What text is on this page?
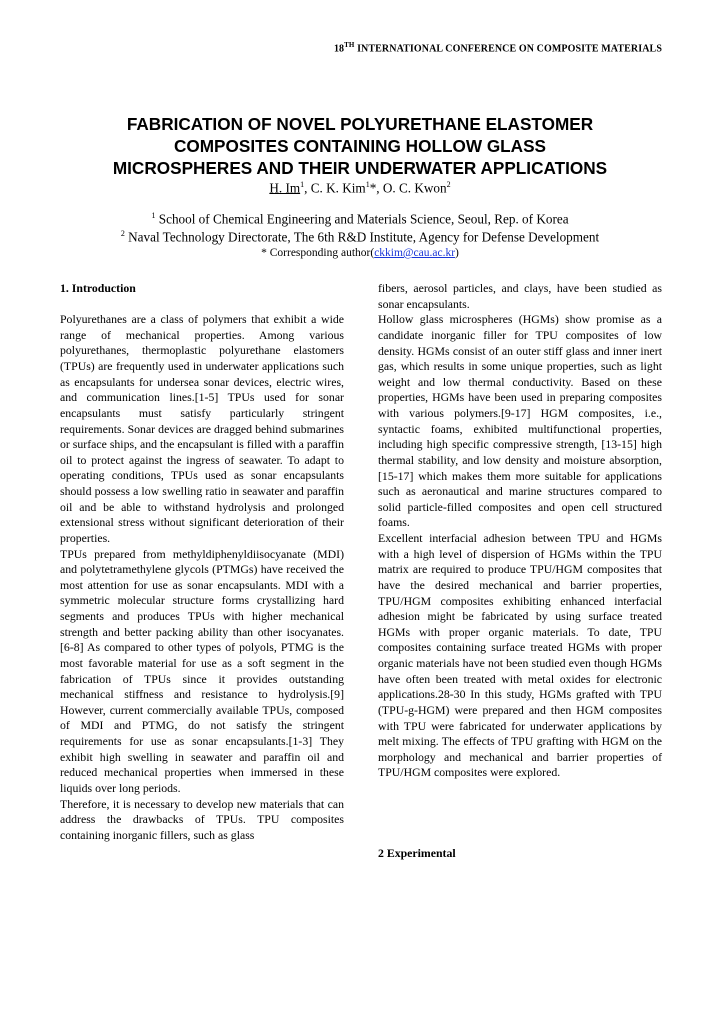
18TH INTERNATIONAL CONFERENCE ON COMPOSITE MATERIALS
FABRICATION OF NOVEL POLYURETHANE ELASTOMER
COMPOSITES CONTAINING HOLLOW GLASS
MICROSPHERES AND THEIR UNDERWATER APPLICATIONS
H. Im$^1$, C. K. Kim$^1$*, O. C. Kwon$^2$
$^1$ School of Chemical Engineering and Materials Science, Seoul, Rep. of Korea
$^2$ Naval Technology Directorate, The 6th R&D Institute, Agency for Defense Development
* Corresponding author(ckkim@cau.ac.kr)
1. Introduction

Polyurethanes are a class of polymers that exhibit a wide range of mechanical properties. Among various polyurethanes, thermoplastic polyurethane elastomers (TPUs) are frequently used in underwater applications such as encapsulants for undersea sonar devices, electric wires, and communication lines.[1-5] TPUs used for sonar encapsulants must satisfy particularly stringent requirements. Sonar devices are dragged behind submarines or surface ships, and the encapsulant is filled with a paraffin oil to protect against the ingress of seawater. To adapt to operating conditions, TPUs used as sonar encapsulants should possess a low swelling ratio in seawater and paraffin oil and be able to withstand hydrolysis and prolonged extensional stress without significant deterioration of their properties.

TPUs prepared from methyldiphenyldiisocyanate (MDI) and polytetramethylene glycols (PTMGs) have received the most attention for use as sonar encapsulants. MDI with a symmetric molecular structure forms crystallizing hard segments and produces TPUs with higher mechanical strength and better packing ability than other isocyanates.[6-8] As compared to other types of polyols, PTMG is the most favorable material for use as a soft segment in the fabrication of TPUs since it provides outstanding mechanical stiffness and resistance to hydrolysis.[9] However, current commercially available TPUs, composed of MDI and PTMG, do not satisfy the stringent requirements for use as sonar encapsulants.[1-3] They exhibit high swelling in seawater and paraffin oil and reduced mechanical properties when immersed in these liquids over long periods.

Therefore, it is necessary to develop new materials that can address the drawbacks of TPUs. TPU composites containing inorganic fillers, such as glass

fibers, aerosol particles, and clays, have been studied as sonar encapsulants.

Hollow glass microspheres (HGMs) show promise as a candidate inorganic filler for TPU composites of low density. HGMs consist of an outer stiff glass and inner inert gas, which results in some unique properties, such as light weight and low thermal conductivity. Based on these properties, HGMs have been used in preparing composites with various polymers.[9-17] HGM composites, i.e., syntactic foams, exhibited multifunctional properties, including high specific compressive strength, [13-15] high thermal stability, and low density and moisture absorption,[15-17] which makes them more suitable for applications such as aeronautical and marine structures compared to solid particle-filled composites and open cell structured foams.

Excellent interfacial adhesion between TPU and HGMs with a high level of dispersion of HGMs within the TPU matrix are required to produce TPU/HGM composites that have the desired mechanical and barrier properties, TPU/HGM composites exhibiting enhanced interfacial adhesion might be fabricated by using surface treated HGMs with proper organic materials. To date, TPU composites containing surface treated HGMs with proper organic materials have not been studied even though HGMs have often been treated with metal oxides for electronic applications.28-30 In this study, HGMs grafted with TPU (TPU-g-HGM) were prepared and then HGM composites with TPU were fabricated for underwater applications by melt mixing. The effects of TPU grafting with HGM on the morphology and mechanical and barrier properties of TPU/HGM composites were explored.

2 Experimental
